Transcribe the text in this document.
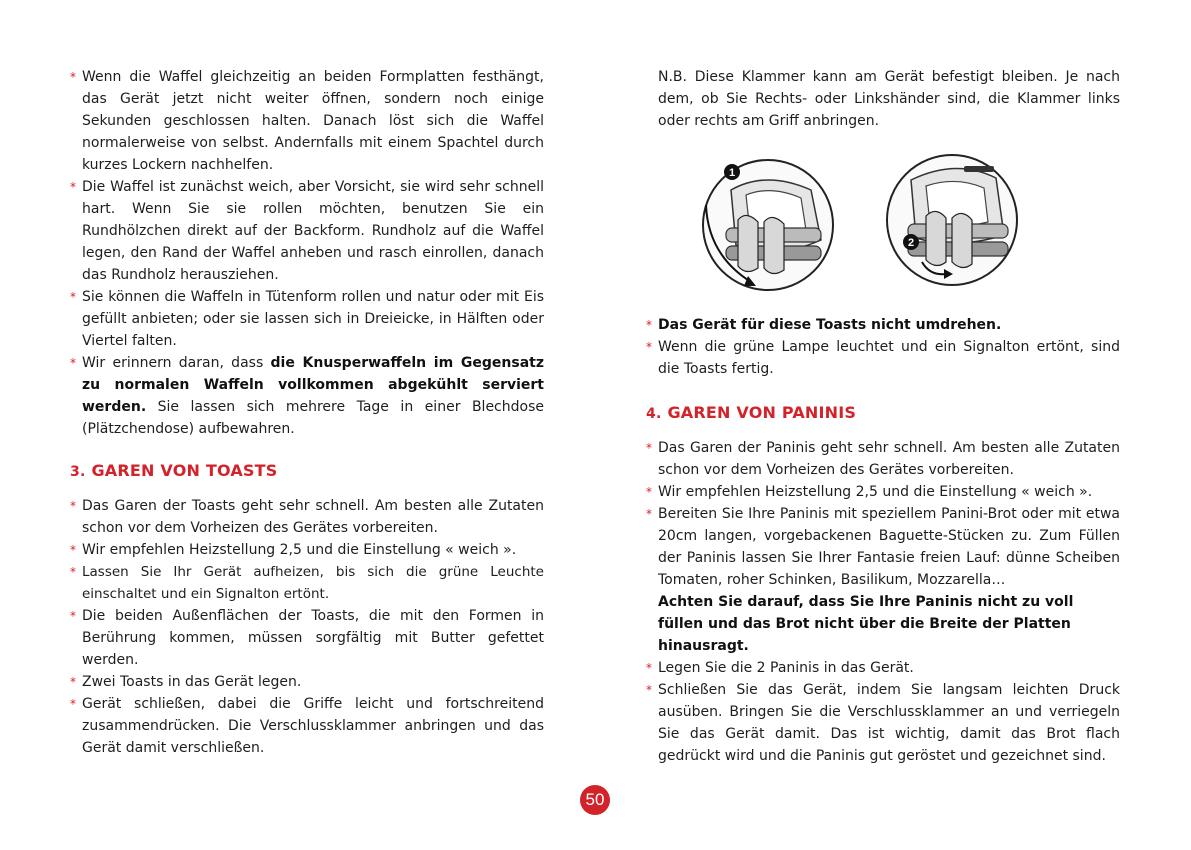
* Wenn die Waffel gleichzeitig an beiden Formplatten festhängt, das Gerät jetzt nicht weiter öffnen, sondern noch einige Sekunden geschlossen halten. Danach löst sich die Waffel normalerweise von selbst. Andernfalls mit einem Spachtel durch kurzes Lockern nachhelfen.
* Die Waffel ist zunächst weich, aber Vorsicht, sie wird sehr schnell hart. Wenn Sie sie rollen möchten, benutzen Sie ein Rundhölzchen direkt auf der Backform. Rundholz auf die Waffel legen, den Rand der Waffel anheben und rasch einrollen, danach das Rundholz herausziehen.
* Sie können die Waffeln in Tütenform rollen und natur oder mit Eis gefüllt anbieten; oder sie lassen sich in Dreieicke, in Hälften oder Viertel falten.
* Wir erinnern daran, dass die Knusperwaffeln im Gegensatz zu normalen Waffeln vollkommen abgekühlt serviert werden. Sie lassen sich mehrere Tage in einer Blechdose (Plätzchendose) aufbewahren.
3. GAREN VON TOASTS
* Das Garen der Toasts geht sehr schnell. Am besten alle Zutaten schon vor dem Vorheizen des Gerätes vorbereiten.
* Wir empfehlen Heizstellung 2,5 und die Einstellung « weich ».
* Lassen Sie Ihr Gerät aufheizen, bis sich die grüne Leuchte einschaltet und ein Signalton ertönt.
* Die beiden Außenflächen der Toasts, die mit den Formen in Berührung kommen, müssen sorgfältig mit Butter gefettet werden.
* Zwei Toasts in das Gerät legen.
* Gerät schließen, dabei die Griffe leicht und fortschreitend zusammendrücken. Die Verschlussklammer anbringen und das Gerät damit verschließen.
N.B. Diese Klammer kann am Gerät befestigt bleiben. Je nach dem, ob Sie Rechts- oder Linkshänder sind, die Klammer links oder rechts am Griff anbringen.
1
2
* Das Gerät für diese Toasts nicht umdrehen.
* Wenn die grüne Lampe leuchtet und ein Signalton ertönt, sind die Toasts fertig.
4. GAREN VON PANINIS
* Das Garen der Paninis geht sehr schnell. Am besten alle Zutaten schon vor dem Vorheizen des Gerätes vorbereiten.
* Wir empfehlen Heizstellung 2,5 und die Einstellung « weich ».
* Bereiten Sie Ihre Paninis mit speziellem Panini-Brot oder mit etwa 20cm langen, vorgebackenen Baguette-Stücken zu. Zum Füllen der Paninis lassen Sie Ihrer Fantasie freien Lauf: dünne Scheiben Tomaten, roher Schinken, Basilikum, Mozzarella…
Achten Sie darauf, dass Sie Ihre Paninis nicht zu voll füllen und das Brot nicht über die Breite der Platten hinausragt.
* Legen Sie die 2 Paninis in das Gerät.
* Schließen Sie das Gerät, indem Sie langsam leichten Druck ausüben. Bringen Sie die Verschlussklammer an und verriegeln Sie das Gerät damit. Das ist wichtig, damit das Brot flach gedrückt wird und die Paninis gut geröstet und gezeichnet sind.
50
